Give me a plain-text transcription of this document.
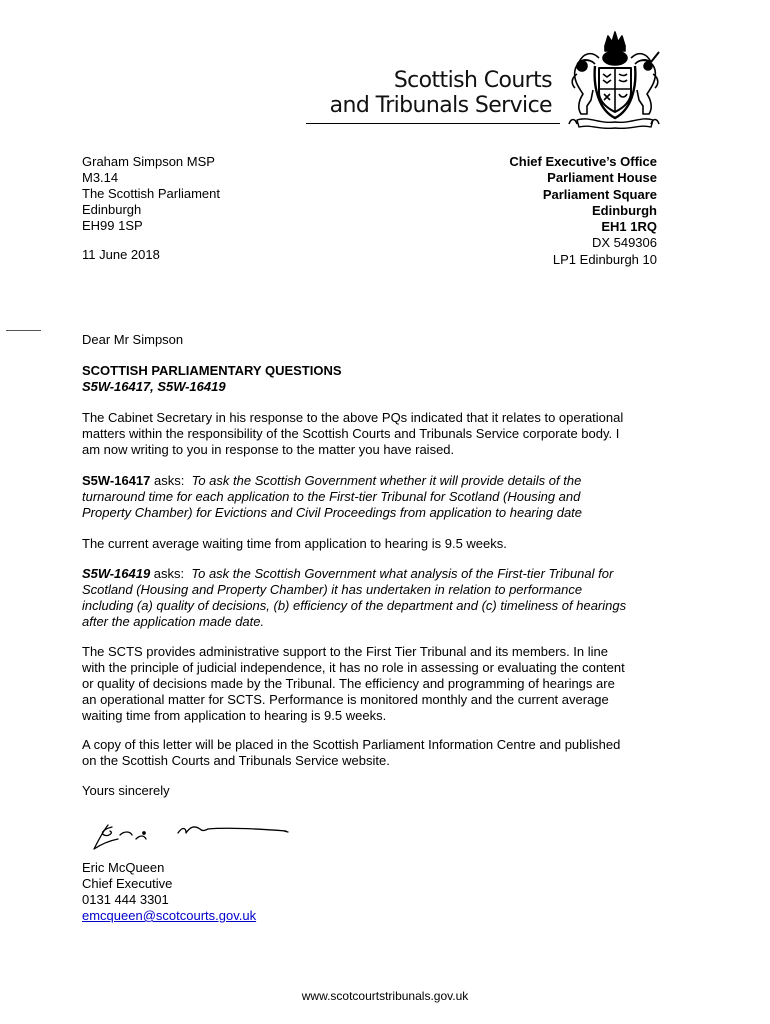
Scottish Courts
and Tribunals Service
Graham Simpson MSP
M3.14
The Scottish Parliament
Edinburgh
EH99 1SP
Chief Executive’s Office
Parliament House
Parliament Square
Edinburgh
EH1 1RQ
DX 549306
LP1 Edinburgh 10
11 June 2018
Dear Mr Simpson
SCOTTISH PARLIAMENTARY QUESTIONS
S5W-16417, S5W-16419
The Cabinet Secretary in his response to the above PQs indicated that it relates to operational
matters within the responsibility of the Scottish Courts and Tribunals Service corporate body. I
am now writing to you in response to the matter you have raised.
S5W-16417 asks:  To ask the Scottish Government whether it will provide details of the
turnaround time for each application to the First-tier Tribunal for Scotland (Housing and
Property Chamber) for Evictions and Civil Proceedings from application to hearing date
The current average waiting time from application to hearing is 9.5 weeks.
S5W-16419 asks:  To ask the Scottish Government what analysis of the First-tier Tribunal for
Scotland (Housing and Property Chamber) it has undertaken in relation to performance
including (a) quality of decisions, (b) efficiency of the department and (c) timeliness of hearings
after the application made date.
The SCTS provides administrative support to the First Tier Tribunal and its members. In line
with the principle of judicial independence, it has no role in assessing or evaluating the content
or quality of decisions made by the Tribunal. The efficiency and programming of hearings are
an operational matter for SCTS. Performance is monitored monthly and the current average
waiting time from application to hearing is 9.5 weeks.
A copy of this letter will be placed in the Scottish Parliament Information Centre and published
on the Scottish Courts and Tribunals Service website.
Yours sincerely
Eric McQueen
Chief Executive
0131 444 3301
emcqueen@scotcourts.gov.uk
www.scotcourtstribunals.gov.uk
